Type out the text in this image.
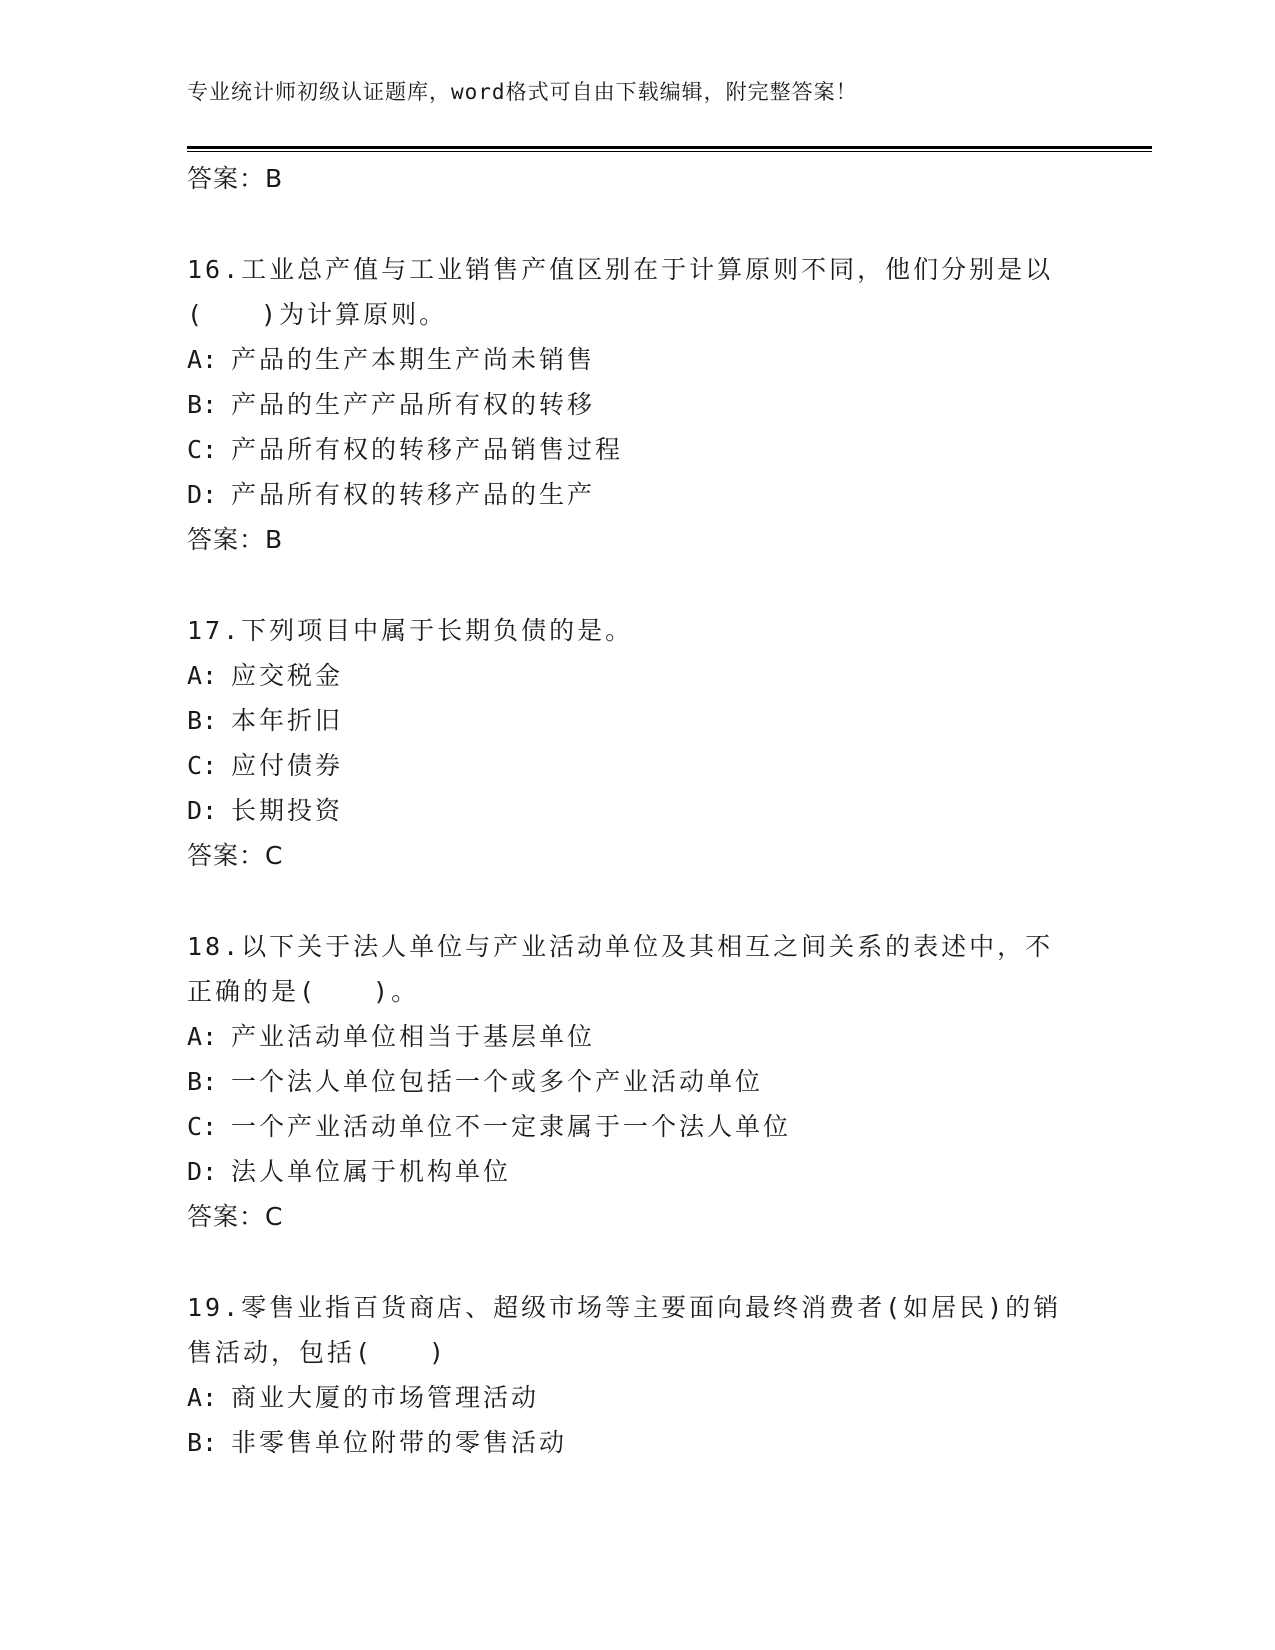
专业统计师初级认证题库，word格式可自由下载编辑，附完整答案！
答案：B
16.工业总产值与工业销售产值区别在于计算原则不同，他们分别是以
(　　)为计算原则。
A: 产品的生产本期生产尚未销售
B: 产品的生产产品所有权的转移
C: 产品所有权的转移产品销售过程
D: 产品所有权的转移产品的生产
答案：B
17.下列项目中属于长期负债的是。
A: 应交税金
B: 本年折旧
C: 应付债券
D: 长期投资
答案：C
18.以下关于法人单位与产业活动单位及其相互之间关系的表述中，不
正确的是(　　)。
A: 产业活动单位相当于基层单位
B: 一个法人单位包括一个或多个产业活动单位
C: 一个产业活动单位不一定隶属于一个法人单位
D: 法人单位属于机构单位
答案：C
19.零售业指百货商店、超级市场等主要面向最终消费者(如居民)的销
售活动，包括(　　)
A: 商业大厦的市场管理活动
B: 非零售单位附带的零售活动
